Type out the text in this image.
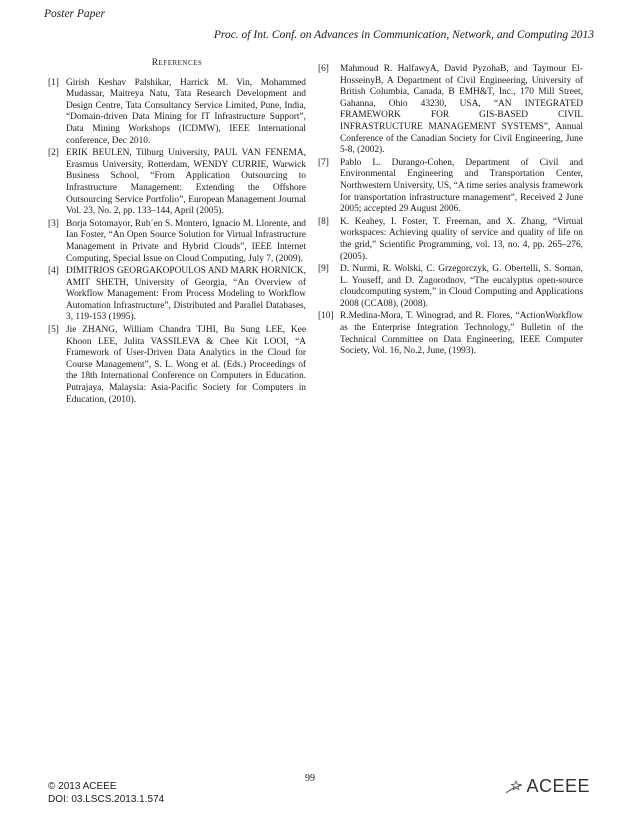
Poster Paper
Proc. of Int. Conf. on Advances in Communication, Network, and Computing 2013
References
[1] Girish Keshav Palshikar, Harrick M. Vin, Mohammed Mudassar, Maitreya Natu, Tata Research Development and Design Centre, Tata Consultancy Service Limited, Pune, India, “Domain-driven Data Mining for IT Infrastructure Support”, Data Mining Workshops (ICDMW), IEEE International conference, Dec 2010.
[2] ERIK BEULEN, Tilburg University, PAUL VAN FENEMA, Erasmus University, Rotterdam, WENDY CURRIE, Warwick Business School, “From Application Outsourcing to Infrastructure Management: Extending the Offshore Outsourcing Service Portfolio”, European Management Journal Vol. 23, No. 2, pp. 133–144, April (2005).
[3] Borja Sotomayor, Rub´en S. Montero, Ignacio M. Llorente, and Ian Foster, “An Open Source Solution for Virtual Infrastructure Management in Private and Hybrid Clouds”, IEEE Internet Computing, Special Issue on Cloud Computing, July 7, (2009).
[4] DIMITRIOS GEORGAKOPOULOS AND MARK HORNICK, AMIT SHETH, University of Georgia, “An Overview of Workflow Management: From Process Modeling to Workflow Automation Infrastructure”, Distributed and Parallel Databases, 3, 119-153 (1995).
[5] Jie ZHANG, William Chandra TJHI, Bu Sung LEE, Kee Khoon LEE, Julita VASSILEVA & Chee Kit LOOI, “A Framework of User-Driven Data Analytics in the Cloud for Course Management”, S. L. Wong et al. (Eds.) Proceedings of the 18th International Conference on Computers in Education. Putrajaya, Malaysia: Asia-Pacific Society for Computers in Education, (2010).
[6]	Mahmoud R. HalfawyA, David PyzohaB, and Taymour El-HosseinyB, A Department of Civil Engineering, University of British Columbia, Canada, B EMH&T, Inc., 170 Mill Street, Gahanna, Ohio 43230, USA, “AN INTEGRATED FRAMEWORK FOR GIS-BASED CIVIL INFRASTRUCTURE MANAGEMENT SYSTEMS”, Annual Conference of the Canadian Society for Civil Engineering, June 5-8, (2002).
[7]	Pablo L. Durango-Cohen, Department of Civil and Environmental Engineering and Transportation Center, Northwestern University, US, “A time series analysis framework for transportation infrastructure management”, Received 2 June 2005; accepted 29 August 2006.
[8]	K. Keahey, I. Foster, T. Freeman, and X. Zhang, “Virtual workspaces: Achieving quality of service and quality of life on the grid,” Scientific Programming, vol. 13, no. 4, pp. 265–276, (2005).
[9]	D. Nurmi, R. Wolski, C. Grzegorczyk, G. Obertelli, S. Soman, L. Youseff, and D. Zagorodnov, “The eucalyptus open-source cloudcomputing system,” in Cloud Computing and Applications 2008 (CCA08), (2008).
[10] R.Medina-Mora, T. Winograd, and R. Flores, “ActionWorkflow as the Enterprise Integration Technology,” Bulletin of the Technical Committee on Data Engineering, IEEE Computer Society, Vol. 16, No.2, June, (1993).
© 2013 ACEEE
DOI: 03.LSCS.2013.1.574
99	ACEEE
